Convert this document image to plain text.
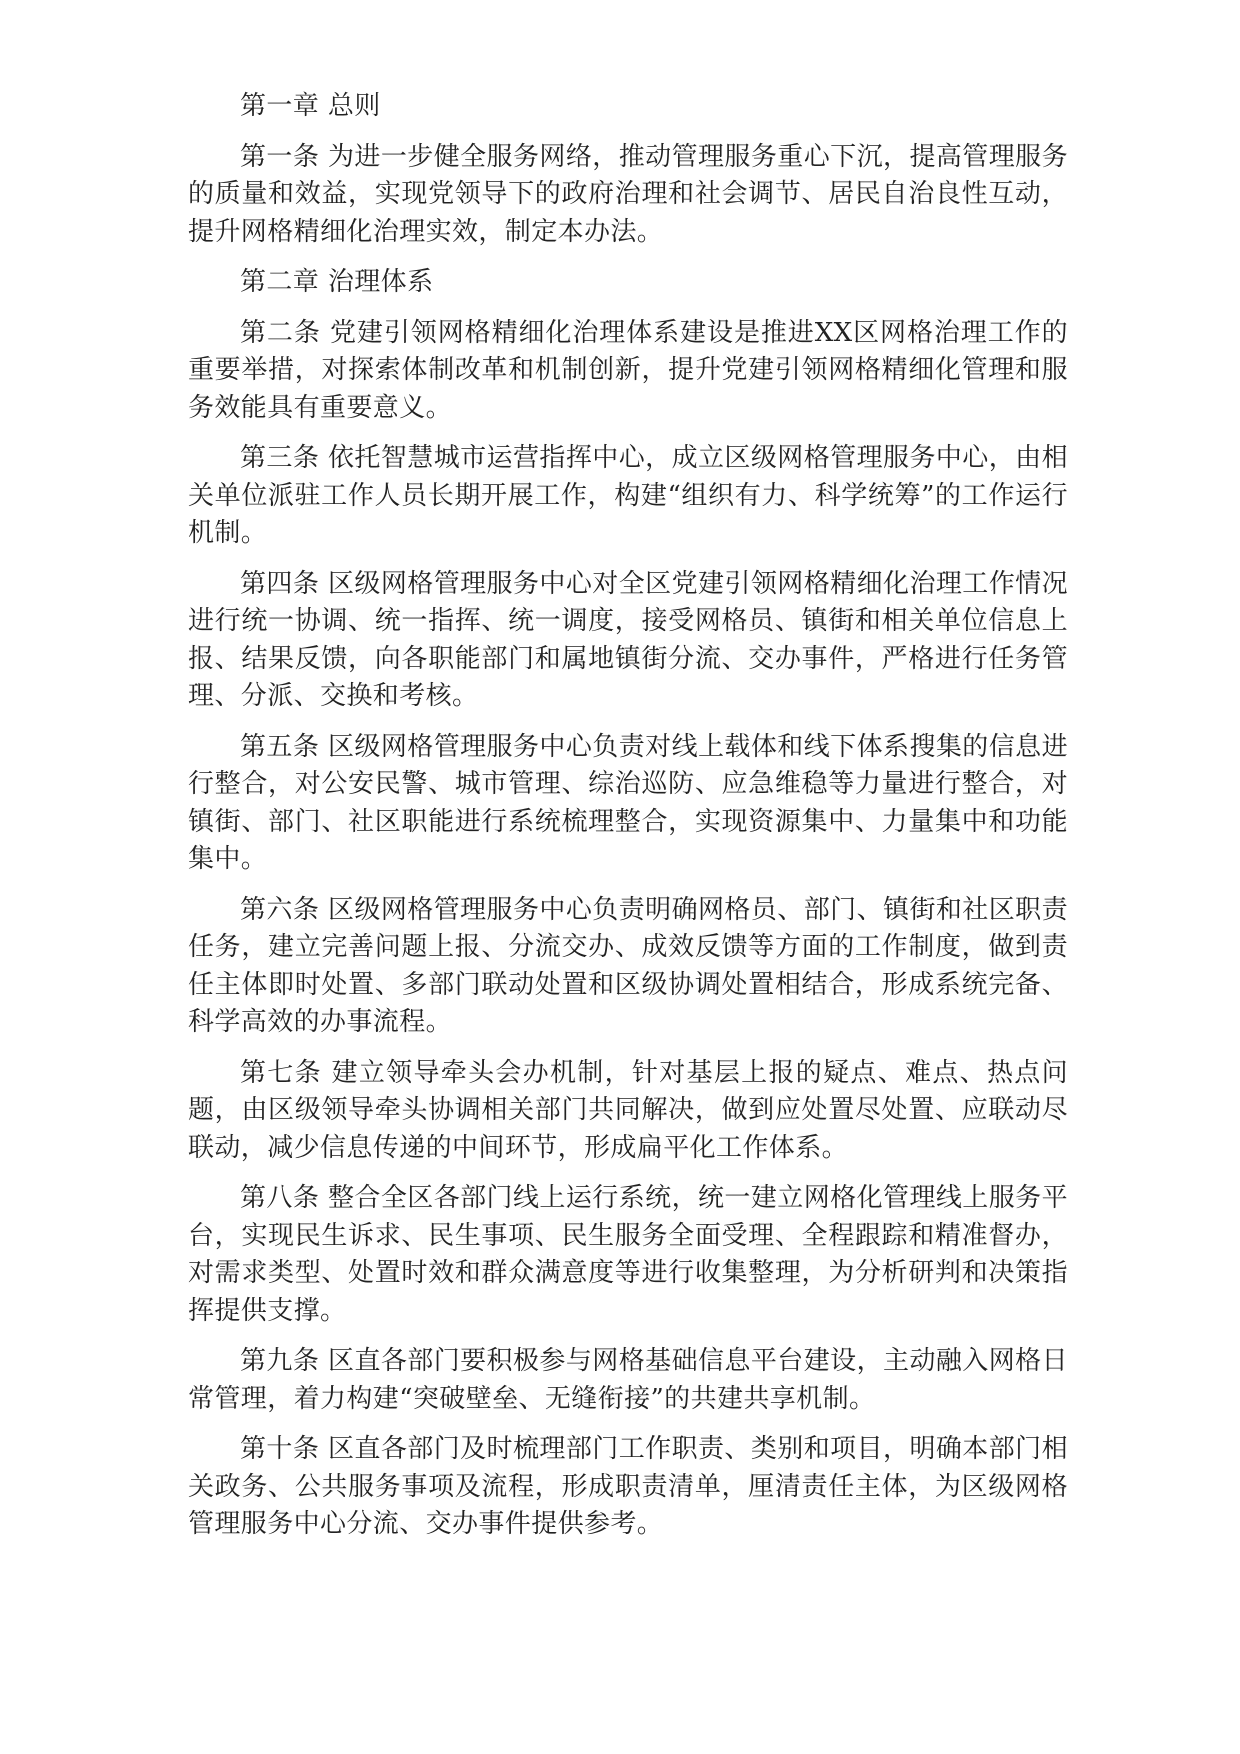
第一章 总则

第一条 为进一步健全服务网络，推动管理服务重心下沉，提高管理服务的质量和效益，实现党领导下的政府治理和社会调节、居民自治良性互动，提升网格精细化治理实效，制定本办法。

第二章 治理体系

第二条 党建引领网格精细化治理体系建设是推进XX区网格治理工作的重要举措，对探索体制改革和机制创新，提升党建引领网格精细化管理和服务效能具有重要意义。

第三条 依托智慧城市运营指挥中心，成立区级网格管理服务中心，由相关单位派驻工作人员长期开展工作，构建“组织有力、科学统筹”的工作运行机制。

第四条 区级网格管理服务中心对全区党建引领网格精细化治理工作情况进行统一协调、统一指挥、统一调度，接受网格员、镇街和相关单位信息上报、结果反馈，向各职能部门和属地镇街分流、交办事件，严格进行任务管理、分派、交换和考核。

第五条 区级网格管理服务中心负责对线上载体和线下体系搜集的信息进行整合，对公安民警、城市管理、综治巡防、应急维稳等力量进行整合，对镇街、部门、社区职能进行系统梳理整合，实现资源集中、力量集中和功能集中。

第六条 区级网格管理服务中心负责明确网格员、部门、镇街和社区职责任务，建立完善问题上报、分流交办、成效反馈等方面的工作制度，做到责任主体即时处置、多部门联动处置和区级协调处置相结合，形成系统完备、科学高效的办事流程。

第七条 建立领导牵头会办机制，针对基层上报的疑点、难点、热点问题，由区级领导牵头协调相关部门共同解决，做到应处置尽处置、应联动尽联动，减少信息传递的中间环节，形成扁平化工作体系。

第八条 整合全区各部门线上运行系统，统一建立网格化管理线上服务平台，实现民生诉求、民生事项、民生服务全面受理、全程跟踪和精准督办，对需求类型、处置时效和群众满意度等进行收集整理，为分析研判和决策指挥提供支撑。

第九条 区直各部门要积极参与网格基础信息平台建设，主动融入网格日常管理，着力构建“突破壁垒、无缝衔接”的共建共享机制。

第十条 区直各部门及时梳理部门工作职责、类别和项目，明确本部门相关政务、公共服务事项及流程，形成职责清单，厘清责任主体，为区级网格管理服务中心分流、交办事件提供参考。
